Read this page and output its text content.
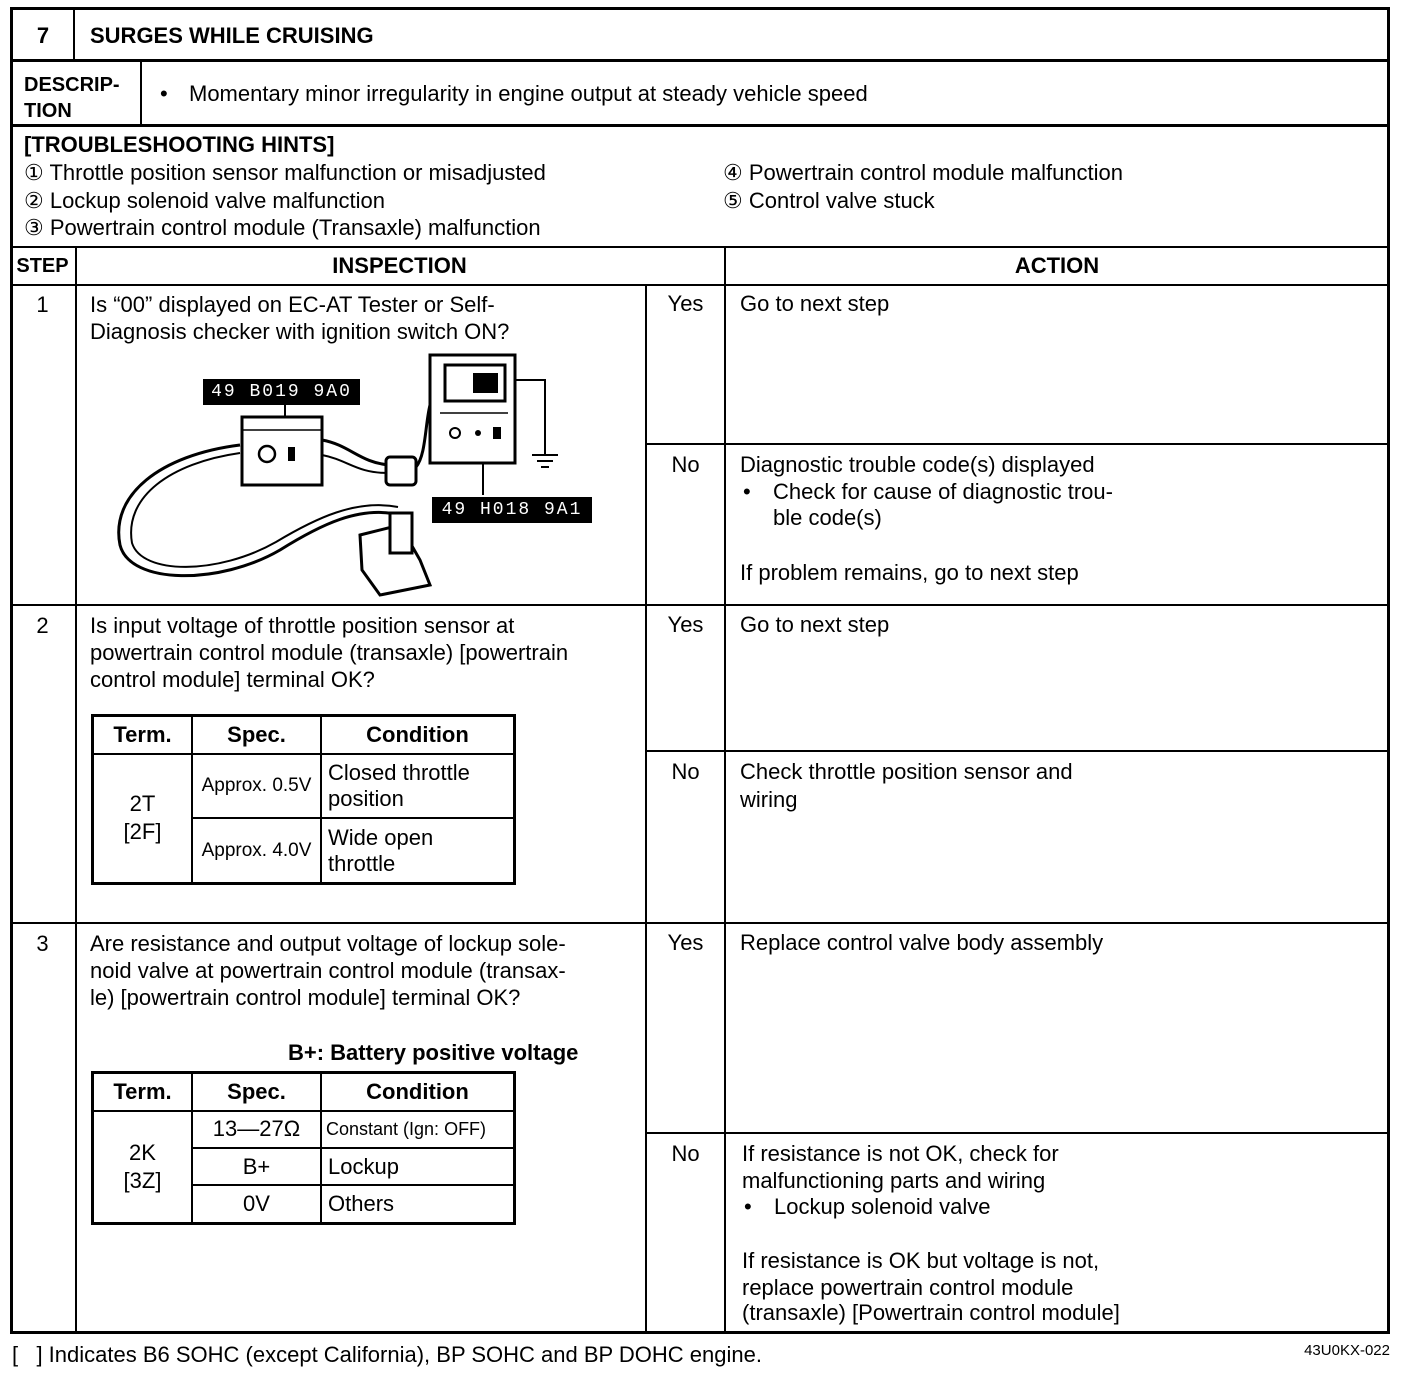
7	SURGES WHILE CRUISING
DESCRIP-
TION
• Momentary minor irregularity in engine output at steady vehicle speed
[TROUBLESHOOTING HINTS]
① Throttle position sensor malfunction or misadjusted
② Lockup solenoid valve malfunction
③ Powertrain control module (Transaxle) malfunction
④ Powertrain control module malfunction
⑤ Control valve stuck
STEP	INSPECTION	ACTION
1	Is “00” displayed on EC-AT Tester or Self-
Diagnosis checker with ignition switch ON?
49 B019 9A0
49 H018 9A1
Yes	Go to next step
No	Diagnostic trouble code(s) displayed
• Check for cause of diagnostic trou-
ble code(s)
If problem remains, go to next step
2	Is input voltage of throttle position sensor at
powertrain control module (transaxle) [powertrain
control module] terminal OK?
Term.	Spec.	Condition
2T
[2F]	Approx. 0.5V	Closed throttle
position
	Approx. 4.0V	Wide open
throttle
Yes	Go to next step
No	Check throttle position sensor and
wiring
3	Are resistance and output voltage of lockup sole-
noid valve at powertrain control module (transax-
le) [powertrain control module] terminal OK?
B+: Battery positive voltage
Term.	Spec.	Condition
2K
[3Z]	13—27Ω	Constant (Ign: OFF)
	B+	Lockup
	0V	Others
Yes	Replace control valve body assembly
No	If resistance is not OK, check for
malfunctioning parts and wiring
• Lockup solenoid valve
If resistance is OK but voltage is not,
replace powertrain control module
(transaxle) [Powertrain control module]
[   ] Indicates B6 SOHC (except California), BP SOHC and BP DOHC engine.	43U0KX-022
